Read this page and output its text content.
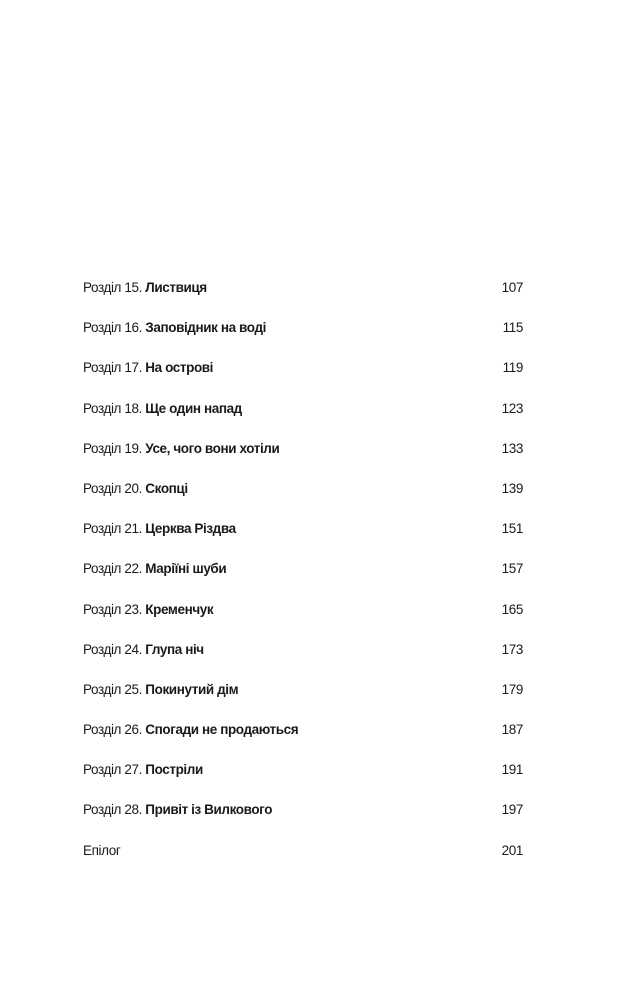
Розділ 15. Листвиця	107
Розділ 16. Заповідник на воді	115
Розділ 17. На острові	119
Розділ 18. Ще один напад	123
Розділ 19. Усе, чого вони хотіли	133
Розділ 20. Скопці	139
Розділ 21. Церква Різдва	151
Розділ 22. Маріїні шуби	157
Розділ 23. Кременчук	165
Розділ 24. Глупа ніч	173
Розділ 25. Покинутий дім	179
Розділ 26. Спогади не продаються	187
Розділ 27. Постріли	191
Розділ 28. Привіт із Вилкового	197
Епілог	201
